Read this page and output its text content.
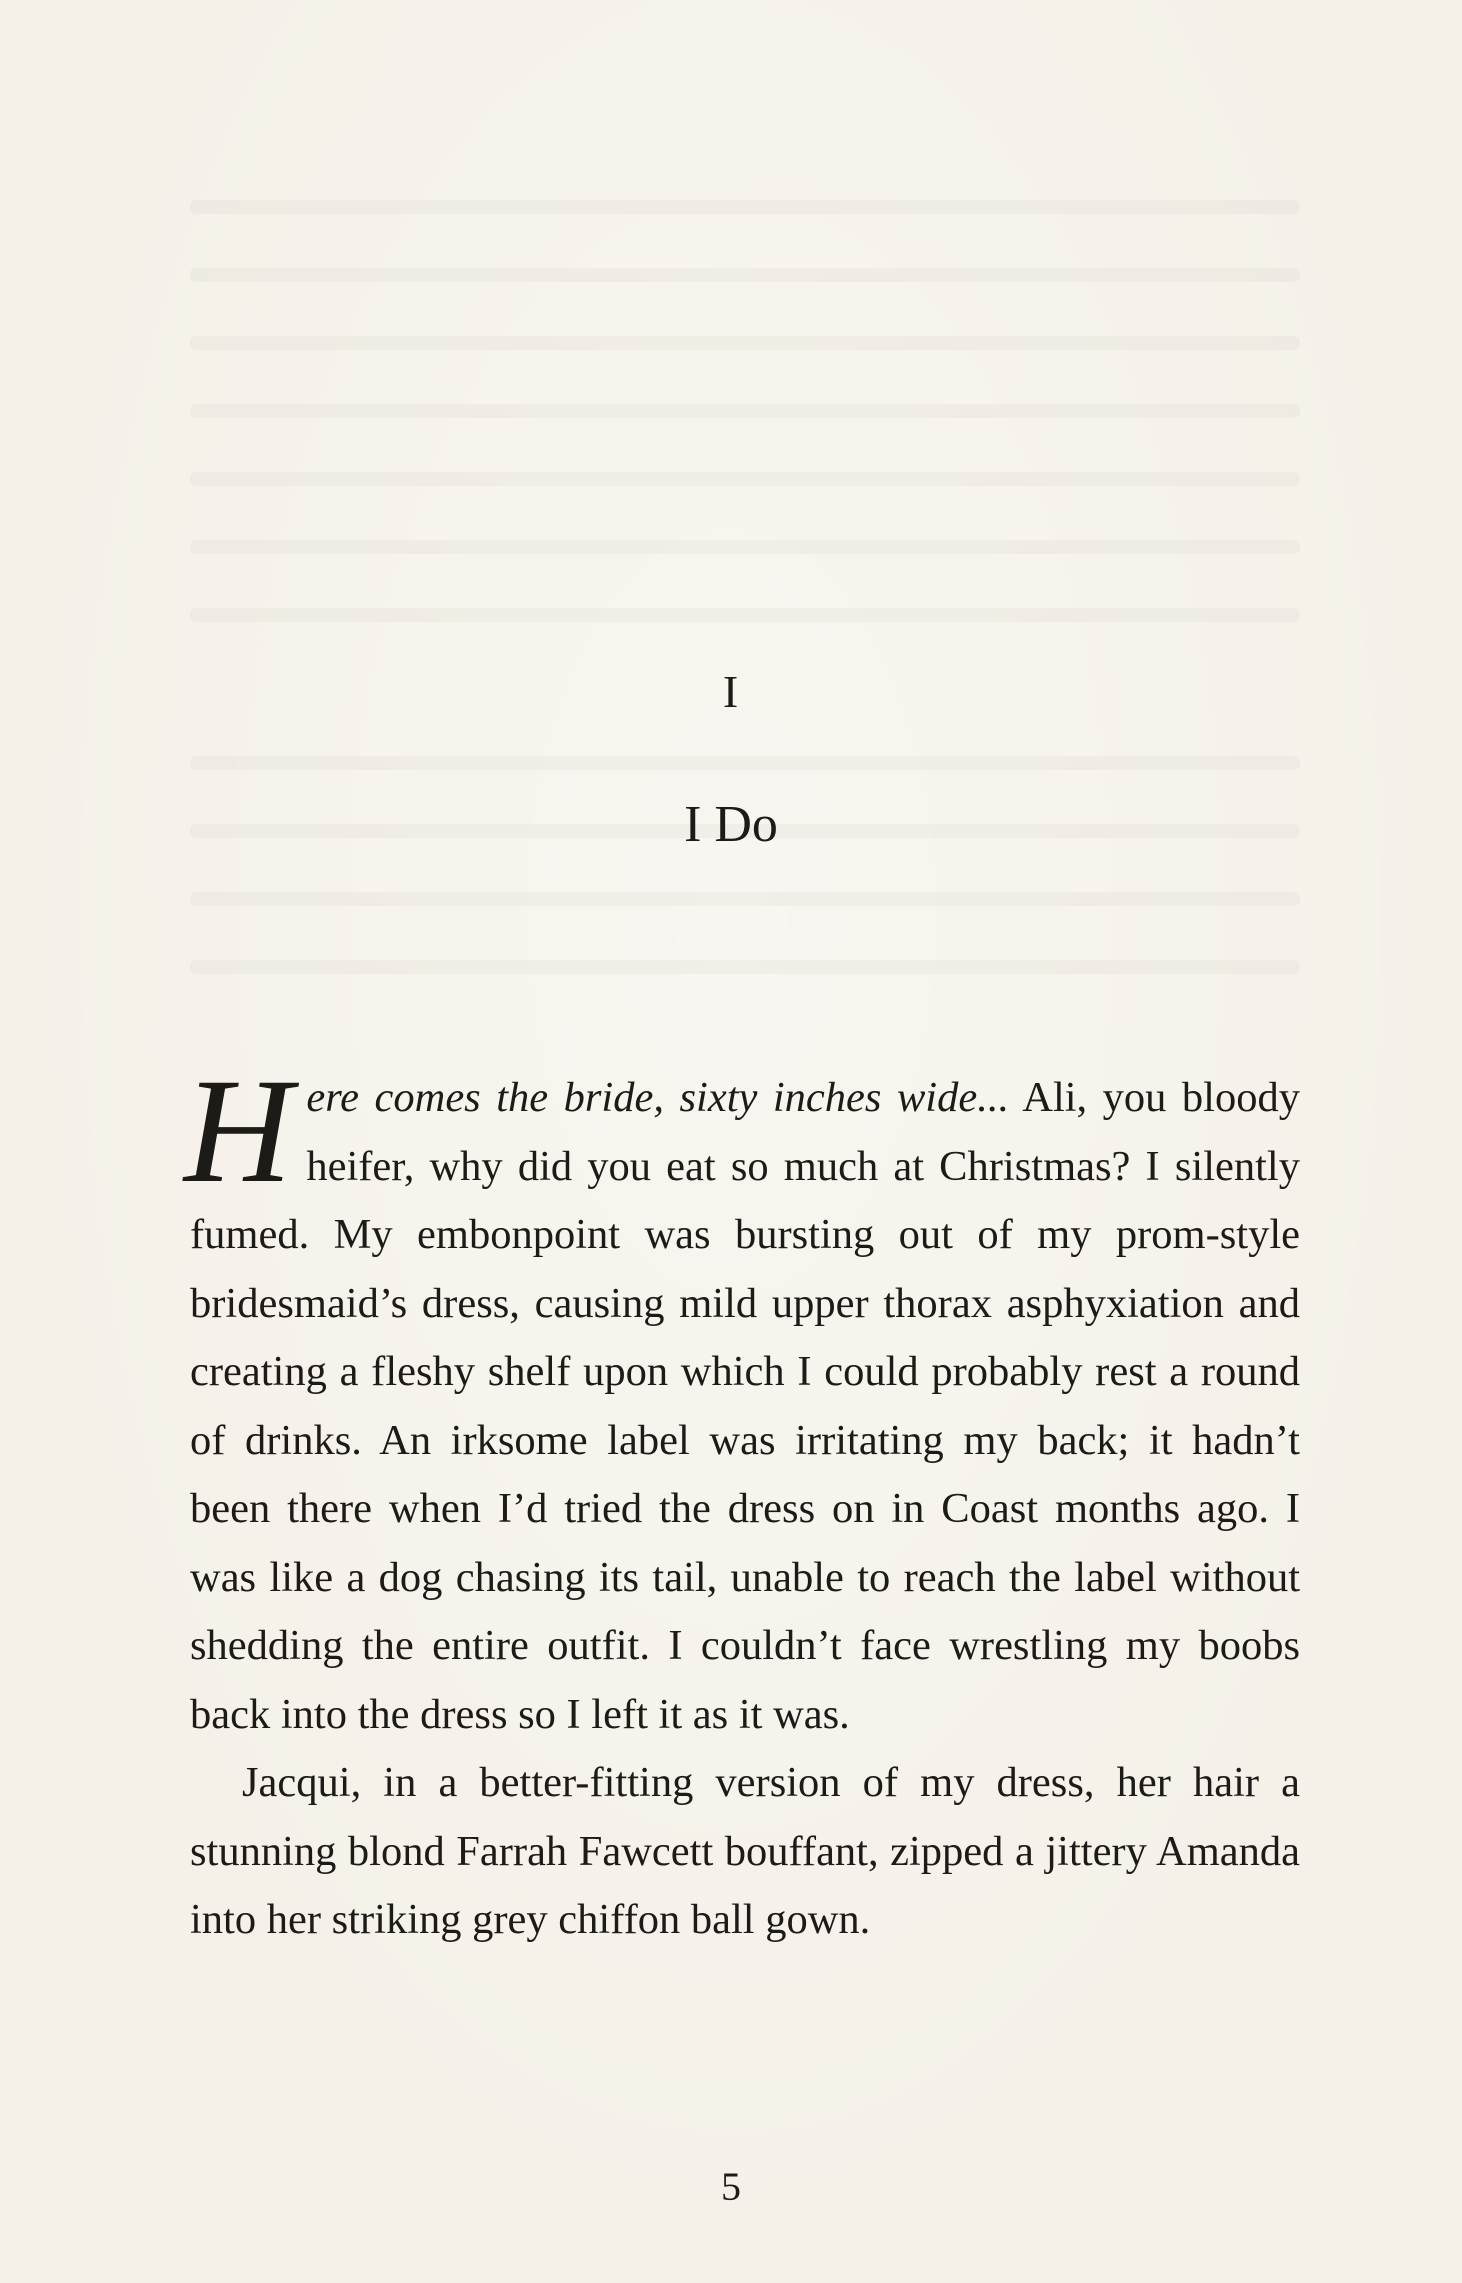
I
I Do

Here comes the bride, sixty inches wide... Ali, you bloody heifer, why did you eat so much at Christmas? I silently fumed. My embonpoint was bursting out of my prom-style bridesmaid’s dress, causing mild upper thorax asphyxiation and creating a fleshy shelf upon which I could probably rest a round of drinks. An irksome label was irritating my back; it hadn’t been there when I’d tried the dress on in Coast months ago. I was like a dog chasing its tail, unable to reach the label without shedding the entire outfit. I couldn’t face wrestling my boobs back into the dress so I left it as it was.

Jacqui, in a better-fitting version of my dress, her hair a stunning blond Farrah Fawcett bouffant, zipped a jittery Amanda into her striking grey chiffon ball gown.

5
